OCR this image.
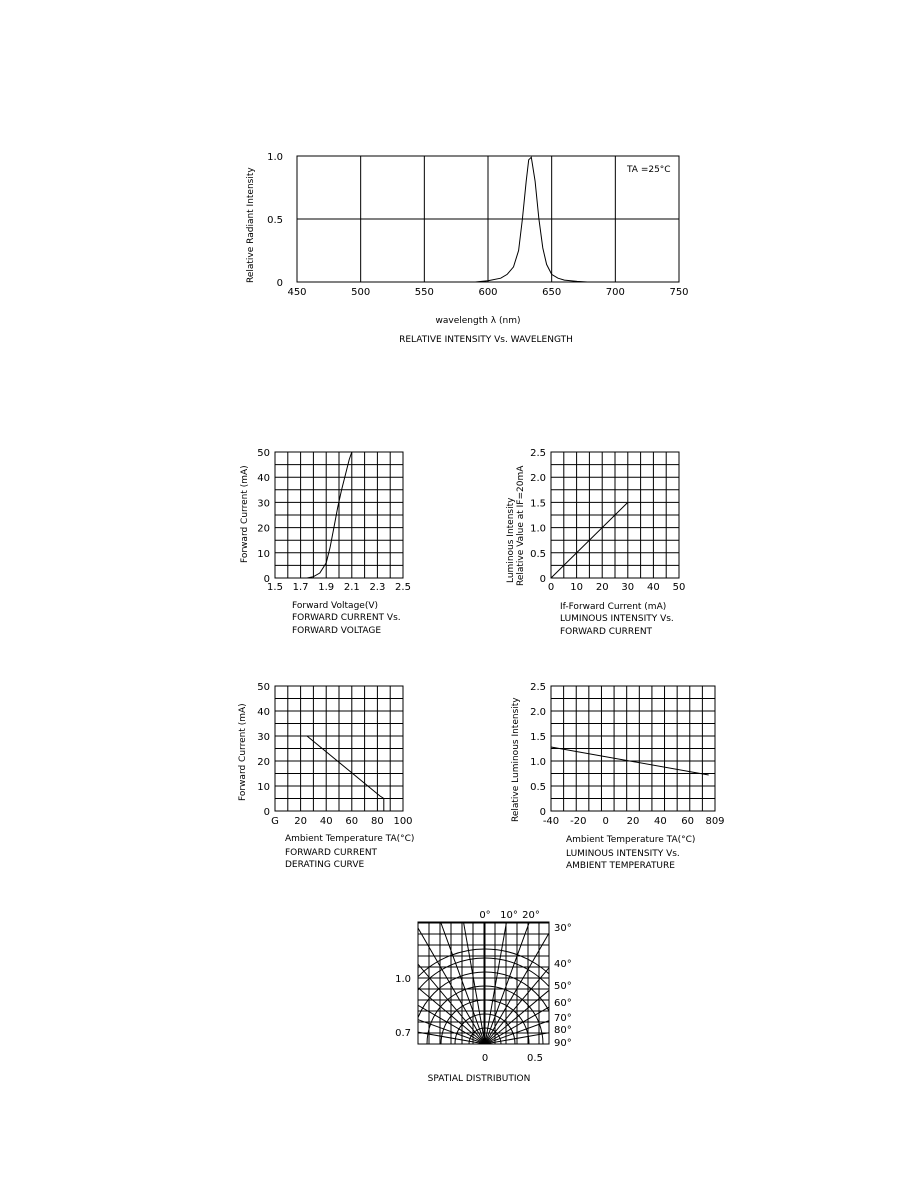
450	500	550	600	650	700	750
0
0.5
1.0
TA =25°C
Relative Radiant Intensity
wavelength λ (nm)
RELATIVE INTENSITY Vs. WAVELENGTH
1.5 1.7 1.9 2.1 2.3 2.5
0
10
20
30
40
50
Forward Current (mA)
Forward Voltage(V)
FORWARD CURRENT Vs.
FORWARD VOLTAGE
0 10 20 30 40 50
0
0.5
1.0
1.5
2.0
2.5
Luminous Intensity Relative Value at IF=20mA
If-Forward Current (mA)
LUMINOUS INTENSITY Vs.
FORWARD CURRENT
G 20 40 60 80 100
0
10
20
30
40
50
Forward Current (mA)
Ambient Temperature TA(°C)
FORWARD CURRENT
DERATING CURVE
-40 -20 0 20 40 60 809
0
0.5
1.0
1.5
2.0
2.5
Relative Luminous Intensity
Ambient Temperature TA(°C)
LUMINOUS INTENSITY Vs.
AMBIENT TEMPERATURE
0° 10° 20°
30°
40°
50°
60°
70°
80°
90°
1.0
0.7
0	0.5
SPATIAL DISTRIBUTION
